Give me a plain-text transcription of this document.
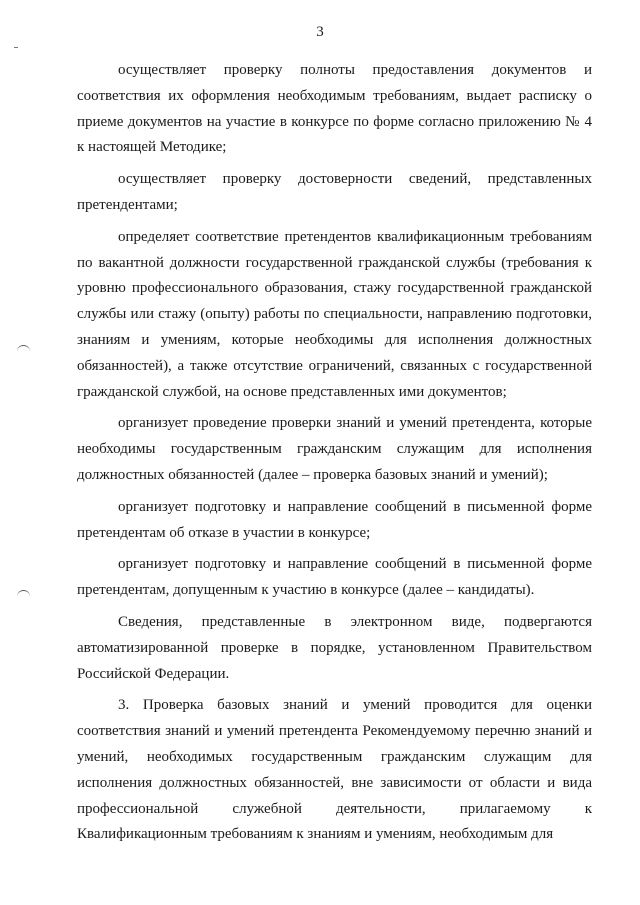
3

осуществляет проверку полноты предоставления документов и соответствия их оформления необходимым требованиям, выдает расписку о приеме документов на участие в конкурсе по форме согласно приложению № 4 к настоящей Методике;

осуществляет проверку достоверности сведений, представленных претендентами;

определяет соответствие претендентов квалификационным требованиям по вакантной должности государственной гражданской службы (требования к уровню профессионального образования, стажу государственной гражданской службы или стажу (опыту) работы по специальности, направлению подготовки, знаниям и умениям, которые необходимы для исполнения должностных обязанностей), а также отсутствие ограничений, связанных с государственной гражданской службой, на основе представленных ими документов;

организует проведение проверки знаний и умений претендента, которые необходимы государственным гражданским служащим для исполнения должностных обязанностей (далее – проверка базовых знаний и умений);

организует подготовку и направление сообщений в письменной форме претендентам об отказе в участии в конкурсе;

организует подготовку и направление сообщений в письменной форме претендентам, допущенным к участию в конкурсе (далее – кандидаты).

Сведения, представленные в электронном виде, подвергаются автоматизированной проверке в порядке, установленном Правительством Российской Федерации.

3. Проверка базовых знаний и умений проводится для оценки соответствия знаний и умений претендента Рекомендуемому перечню знаний и умений, необходимых государственным гражданским служащим для исполнения должностных обязанностей, вне зависимости от области и вида профессиональной служебной деятельности, прилагаемому к Квалификационным требованиям к знаниям и умениям, необходимым для
